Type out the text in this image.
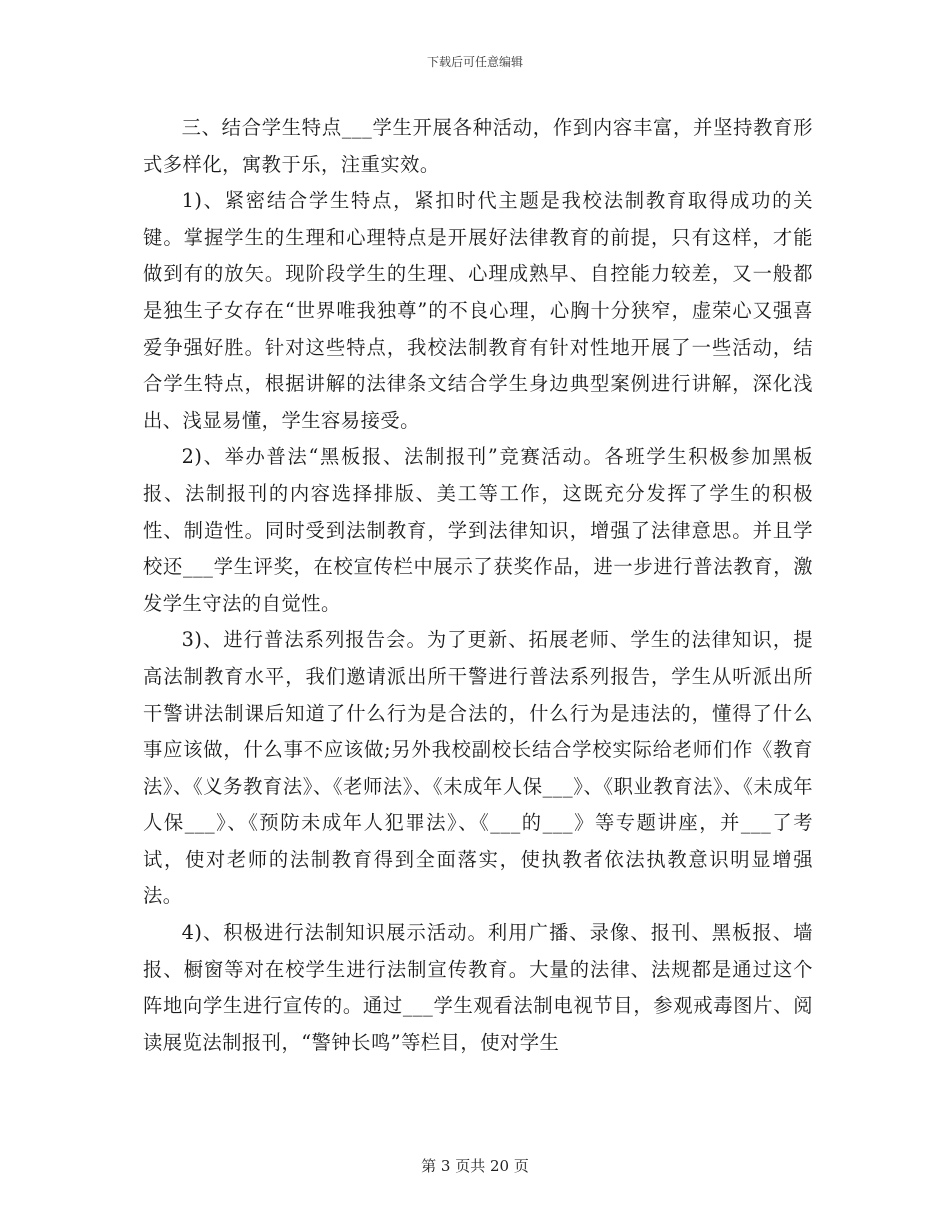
下载后可任意编辑

三、结合学生特点___学生开展各种活动，作到内容丰富，并坚持教育形式多样化，寓教于乐，注重实效。

1)、紧密结合学生特点，紧扣时代主题是我校法制教育取得成功的关键。掌握学生的生理和心理特点是开展好法律教育的前提，只有这样，才能做到有的放矢。现阶段学生的生理、心理成熟早、自控能力较差，又一般都是独生子女存在“世界唯我独尊”的不良心理，心胸十分狭窄，虚荣心又强喜爱争强好胜。针对这些特点，我校法制教育有针对性地开展了一些活动，结合学生特点，根据讲解的法律条文结合学生身边典型案例进行讲解，深化浅出、浅显易懂，学生容易接受。

2)、举办普法“黑板报、法制报刊”竞赛活动。各班学生积极参加黑板报、法制报刊的内容选择排版、美工等工作，这既充分发挥了学生的积极性、制造性。同时受到法制教育，学到法律知识，增强了法律意思。并且学校还___学生评奖，在校宣传栏中展示了获奖作品，进一步进行普法教育，激发学生守法的自觉性。

3)、进行普法系列报告会。为了更新、拓展老师、学生的法律知识，提高法制教育水平，我们邀请派出所干警进行普法系列报告，学生从听派出所干警讲法制课后知道了什么行为是合法的，什么行为是违法的，懂得了什么事应该做，什么事不应该做;另外我校副校长结合学校实际给老师们作《教育法》、《义务教育法》、《老师法》、《未成年人保___》、《职业教育法》、《未成年人保___》、《预防未成年人犯罪法》、《___的___》等专题讲座，并___了考试，使对老师的法制教育得到全面落实，使执教者依法执教意识明显增强法。

4)、积极进行法制知识展示活动。利用广播、录像、报刊、黑板报、墙报、橱窗等对在校学生进行法制宣传教育。大量的法律、法规都是通过这个阵地向学生进行宣传的。通过___学生观看法制电视节目，参观戒毒图片、阅读展览法制报刊，“警钟长鸣”等栏目，使对学生

第 3 页共 20 页
